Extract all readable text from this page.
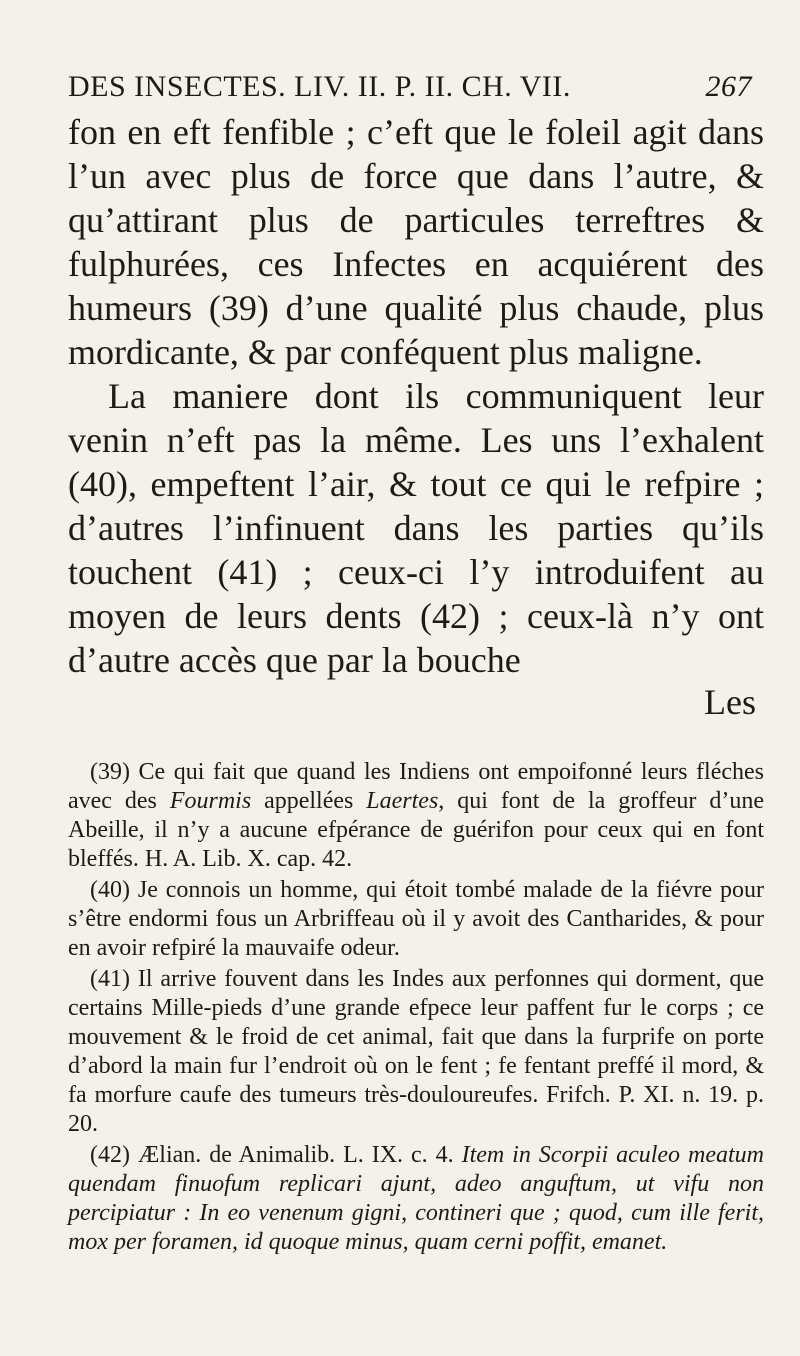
DES INSECTES. LIV. II. P. II. CH. VII.	267

fon en eft fenfible ; c’eft que le foleil agit dans l’un avec plus de force que dans l’autre, & qu’attirant plus de particules terreftres & fulphurées, ces Infectes en acquiérent des humeurs (39) d’une qualité plus chaude, plus mordicante, & par conféquent plus maligne.

La maniere dont ils communiquent leur venin n’eft pas la même. Les uns l’exhalent (40), empeftent l’air, & tout ce qui le refpire ; d’autres l’infinuent dans les parties qu’ils touchent (41) ; ceux-ci l’y introduifent au moyen de leurs dents (42) ; ceux-là n’y ont d’autre accès que par la bouche

Les

(39) Ce qui fait que quand les Indiens ont empoifonné leurs fléches avec des Fourmis appellées Laertes, qui font de la groffeur d’une Abeille, il n’y a aucune efpérance de guérifon pour ceux qui en font bleffés. H. A. Lib. X. cap. 42.

(40) Je connois un homme, qui étoit tombé malade de la fiévre pour s’être endormi fous un Arbriffeau où il y avoit des Cantharides, & pour en avoir refpiré la mauvaife odeur.

(41) Il arrive fouvent dans les Indes aux perfonnes qui dorment, que certains Mille-pieds d’une grande efpece leur paffent fur le corps ; ce mouvement & le froid de cet animal, fait que dans la furprife on porte d’abord la main fur l’endroit où on le fent ; fe fentant preffé il mord, & fa morfure caufe des tumeurs très-douloureufes. Frifch. P. XI. n. 19. p. 20.

(42) Ælian. de Animalib. L. IX. c. 4. Item in Scorpii aculeo meatum quendam finuofum replicari ajunt, adeo anguftum, ut vifu non percipiatur : In eo venenum gigni, contineri que ; quod, cum ille ferit, mox per foramen, id quoque minus, quam cerni poffit, emanet.
